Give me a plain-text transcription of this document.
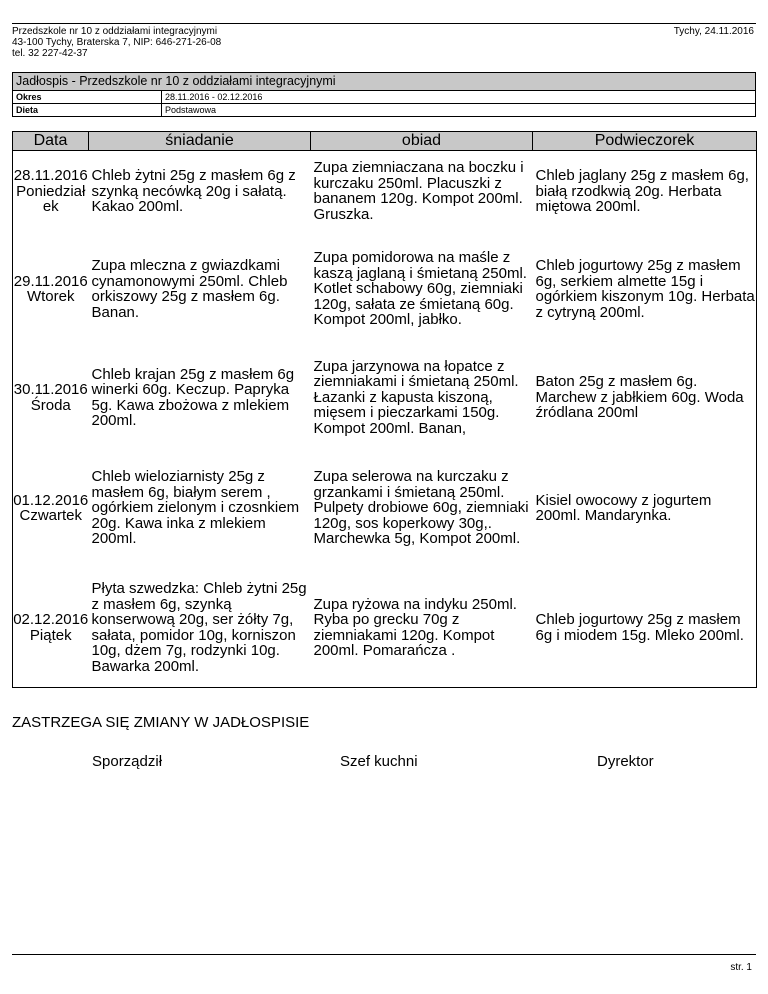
Przedszkole nr 10 z oddziałami integracyjnymi
43-100 Tychy, Braterska 7, NIP: 646-271-26-08
tel. 32 227-42-37
Tychy, 24.11.2016
Jadłospis - Przedszkole nr 10 z oddziałami integracyjnymi	
Okres	28.11.2016 - 02.12.2016
Dieta	Podstawowa
Data	śniadanie	obiad	Podwieczorek
28.11.2016 Poniedziałek	Chleb żytni 25g z masłem 6g z szynką necówką 20g i sałatą. Kakao 200ml.	Zupa ziemniaczana na boczku i kurczaku 250ml. Placuszki z bananem 120g. Kompot 200ml. Gruszka.	Chleb jaglany 25g z masłem 6g, białą rzodkwią 20g. Herbata miętowa 200ml.
29.11.2016 Wtorek	Zupa mleczna z gwiazdkami cynamonowymi 250ml. Chleb orkiszowy 25g z masłem 6g. Banan.	Zupa pomidorowa na maśle z kaszą jaglaną i śmietaną 250ml. Kotlet schabowy 60g, ziemniaki 120g, sałata ze śmietaną 60g. Kompot 200ml, jabłko.	Chleb jogurtowy 25g z masłem 6g, serkiem almette 15g i ogórkiem kiszonym 10g. Herbata z cytryną 200ml.
30.11.2016 Środa	Chleb krajan 25g z masłem 6g winerki 60g. Keczup. Papryka 5g. Kawa zbożowa z mlekiem 200ml.	Zupa jarzynowa na łopatce z ziemniakami i śmietaną 250ml. Łazanki z kapusta kiszoną, mięsem i pieczarkami 150g. Kompot 200ml. Banan,	Baton 25g z masłem 6g. Marchew z jabłkiem 60g. Woda źródlana 200ml
01.12.2016 Czwartek	Chleb wieloziarnisty 25g z masłem 6g, białym serem , ogórkiem zielonym i czosnkiem 20g. Kawa inka z mlekiem 200ml.	Zupa selerowa na kurczaku z grzankami i śmietaną 250ml. Pulpety drobiowe 60g, ziemniaki 120g, sos koperkowy 30g,. Marchewka 5g, Kompot 200ml.	Kisiel owocowy z jogurtem 200ml. Mandarynka.
02.12.2016 Piątek	Płyta szwedzka: Chleb żytni 25g z masłem 6g, szynką konserwową 20g, ser żółty 7g, sałata, pomidor 10g, korniszon 10g, dżem 7g, rodzynki 10g. Bawarka 200ml.	Zupa ryżowa na indyku 250ml. Ryba po grecku 70g z ziemniakami 120g. Kompot 200ml. Pomarańcza .	Chleb jogurtowy 25g z masłem 6g i miodem 15g. Mleko 200ml.
ZASTRZEGA SIĘ ZMIANY W JADŁOSPISIE
Sporządził	Szef kuchni	Dyrektor
str. 1
